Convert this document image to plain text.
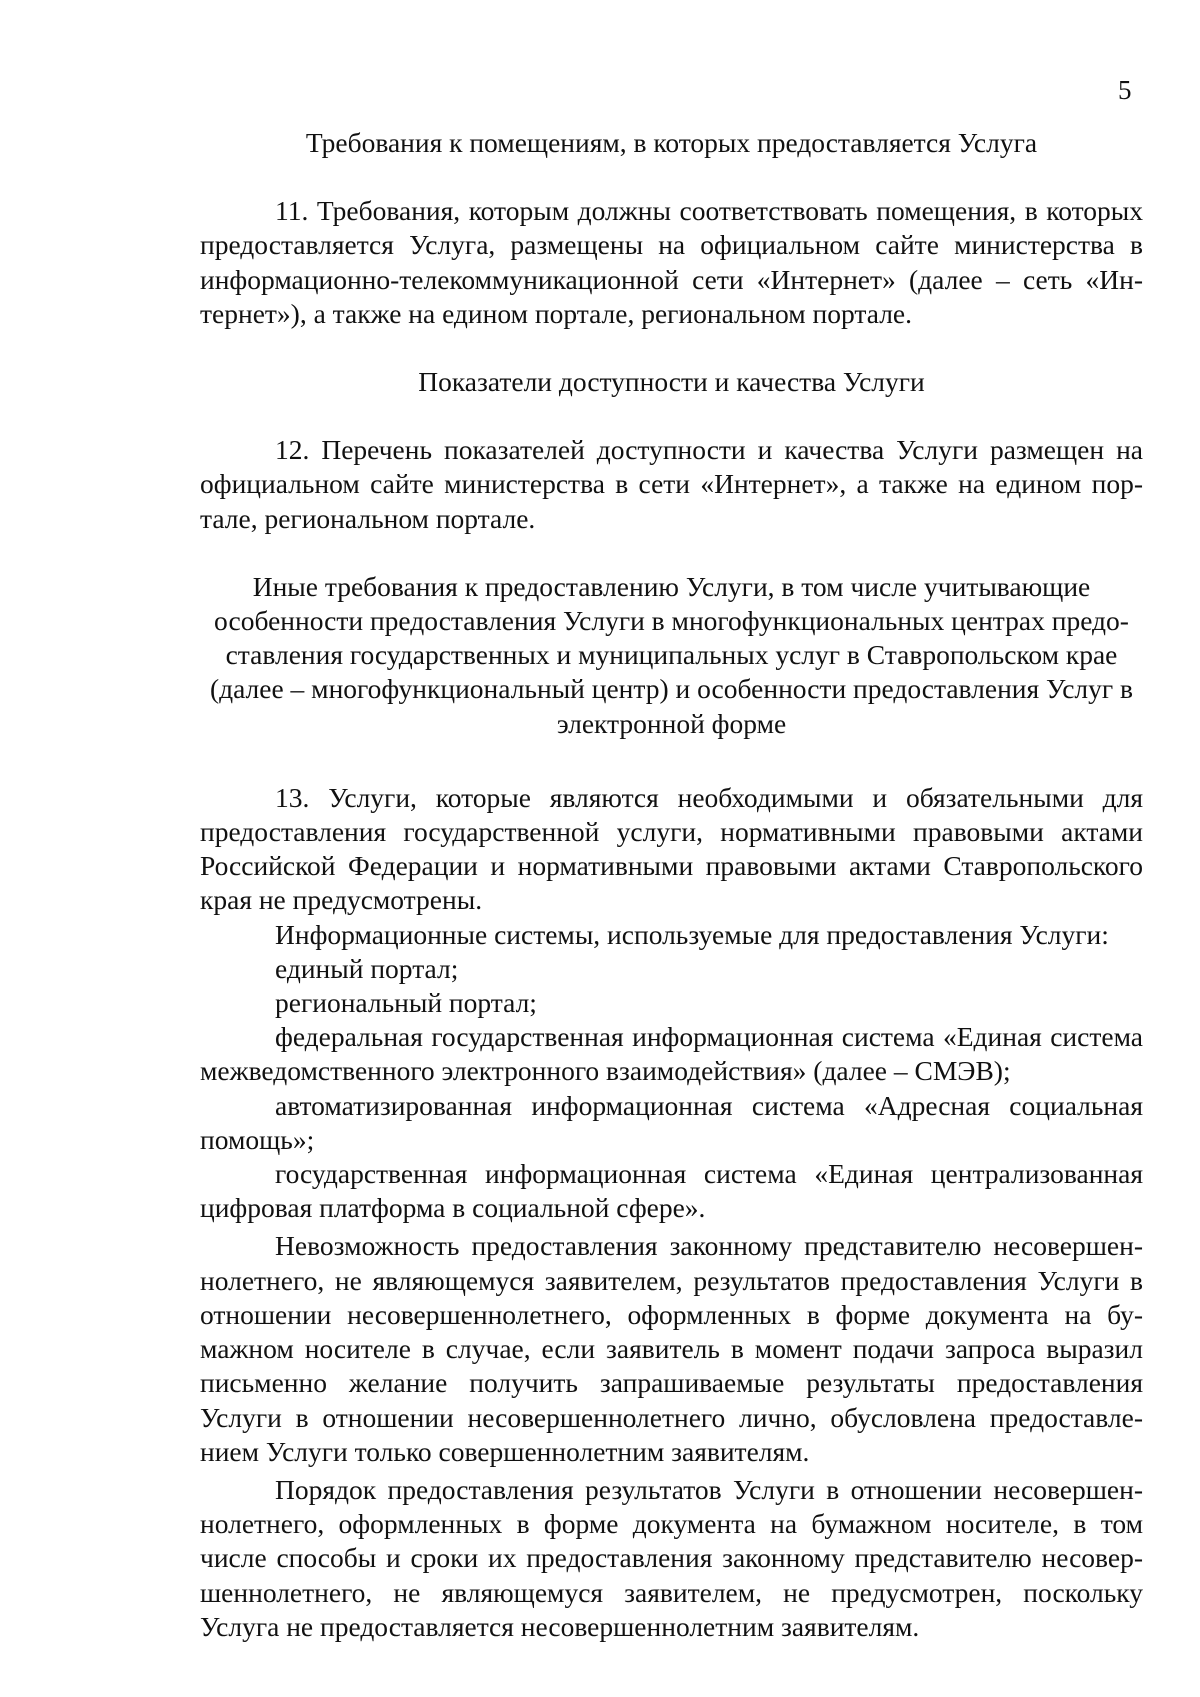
5

Требования к помещениям, в которых предоставляется Услуга

11. Требования, которым должны соответствовать помещения, в которых предоставляется Услуга, размещены на официальном сайте министерства в информационно-телекоммуникационной сети «Интернет» (далее – сеть «Интернет»), а также на едином портале, региональном портале.

Показатели доступности и качества Услуги

12. Перечень показателей доступности и качества Услуги размещен на официальном сайте министерства в сети «Интернет», а также на едином портале, региональном портале.

Иные требования к предоставлению Услуги, в том числе учитывающие особенности предоставления Услуги в многофункциональных центрах предоставления государственных и муниципальных услуг в Ставропольском крае (далее – многофункциональный центр) и особенности предоставления Услуг в электронной форме

13. Услуги, которые являются необходимыми и обязательными для предоставления государственной услуги, нормативными правовыми актами Российской Федерации и нормативными правовыми актами Ставропольского края не предусмотрены.

Информационные системы, используемые для предоставления Услуги:

единый портал;

региональный портал;

федеральная государственная информационная система «Единая система межведомственного электронного взаимодействия» (далее – СМЭВ);

автоматизированная информационная система «Адресная социальная помощь»;

государственная информационная система «Единая централизованная цифровая платформа в социальной сфере».

Невозможность предоставления законному представителю несовершеннолетнего, не являющемуся заявителем, результатов предоставления Услуги в отношении несовершеннолетнего, оформленных в форме документа на бумажном носителе в случае, если заявитель в момент подачи запроса выразил письменно желание получить запрашиваемые результаты предоставления Услуги в отношении несовершеннолетнего лично, обусловлена предоставлением Услуги только совершеннолетним заявителям.

Порядок предоставления результатов Услуги в отношении несовершеннолетнего, оформленных в форме документа на бумажном носителе, в том числе способы и сроки их предоставления законному представителю несовершеннолетнего, не являющемуся заявителем, не предусмотрен, поскольку Услуга не предоставляется несовершеннолетним заявителям.
